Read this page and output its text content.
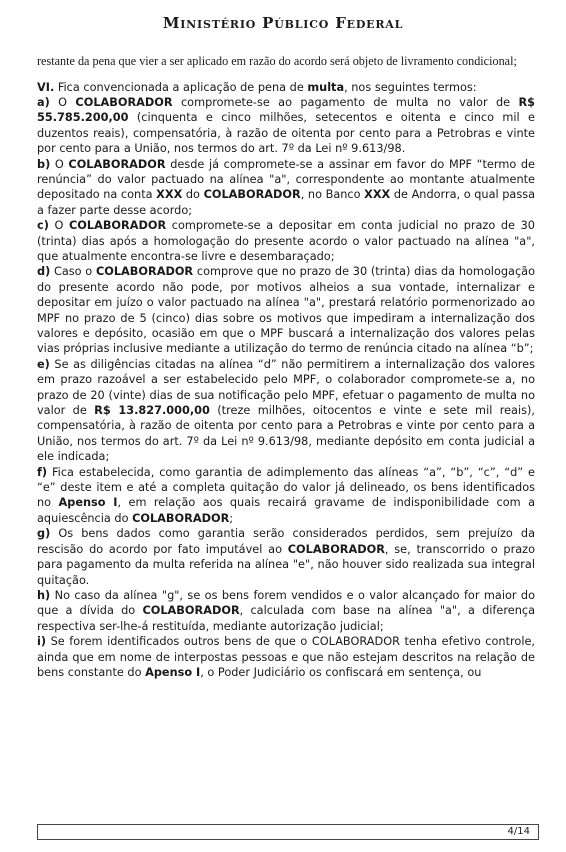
Ministério Público Federal

restante da pena que vier a ser aplicado em razão do acordo será objeto de livramento condicional;

VI. Fica convencionada a aplicação de pena de multa, nos seguintes termos:

a) O COLABORADOR compromete-se ao pagamento de multa no valor de R$ 55.785.200,00 (cinquenta e cinco milhões, setecentos e oitenta e cinco mil e duzentos reais), compensatória, à razão de oitenta por cento para a Petrobras e vinte por cento para a União, nos termos do art. 7º da Lei nº 9.613/98.

b) O COLABORADOR desde já compromete-se a assinar em favor do MPF “termo de renúncia” do valor pactuado na alínea "a", correspondente ao montante atualmente depositado na conta XXX do COLABORADOR, no Banco XXX de Andorra, o qual passa a fazer parte desse acordo;

c) O COLABORADOR compromete-se a depositar em conta judicial no prazo de 30 (trinta) dias após a homologação do presente acordo o valor pactuado na alínea "a", que atualmente encontra-se livre e desembaraçado;

d) Caso o COLABORADOR comprove que no prazo de 30 (trinta) dias da homologação do presente acordo não pode, por motivos alheios a sua vontade, internalizar e depositar em juízo o valor pactuado na alínea "a", prestará relatório pormenorizado ao MPF no prazo de 5 (cinco) dias sobre os motivos que impediram a internalização dos valores e depósito, ocasião em que o MPF buscará a internalização dos valores pelas vias próprias inclusive mediante a utilização do termo de renúncia citado na alínea “b”;

e) Se as diligências citadas na alínea “d” não permitirem a internalização dos valores em prazo razoável a ser estabelecido pelo MPF, o colaborador compromete-se a, no prazo de 20 (vinte) dias de sua notificação pelo MPF, efetuar o pagamento de multa no valor de R$ 13.827.000,00 (treze milhões, oitocentos e vinte e sete mil reais), compensatória, à razão de oitenta por cento para a Petrobras e vinte por cento para a União, nos termos do art. 7º da Lei nº 9.613/98, mediante depósito em conta judicial a ele indicada;

f) Fica estabelecida, como garantia de adimplemento das alíneas “a”, “b”, “c”, “d” e “e” deste item e até a completa quitação do valor já delineado, os bens identificados no Apenso I, em relação aos quais recairá gravame de indisponibilidade com a aquiescência do COLABORADOR;

g) Os bens dados como garantia serão considerados perdidos, sem prejuízo da rescisão do acordo por fato imputável ao COLABORADOR, se, transcorrido o prazo para pagamento da multa referida na alínea "e", não houver sido realizada sua integral quitação.

h) No caso da alínea "g", se os bens forem vendidos e o valor alcançado for maior do que a dívida do COLABORADOR, calculada com base na alínea "a", a diferença respectiva ser-lhe-á restituída, mediante autorização judicial;

i) Se forem identificados outros bens de que o COLABORADOR tenha efetivo controle, ainda que em nome de interpostas pessoas e que não estejam descritos na relação de bens constante do Apenso I, o Poder Judiciário os confiscará em sentença, ou

4/14
